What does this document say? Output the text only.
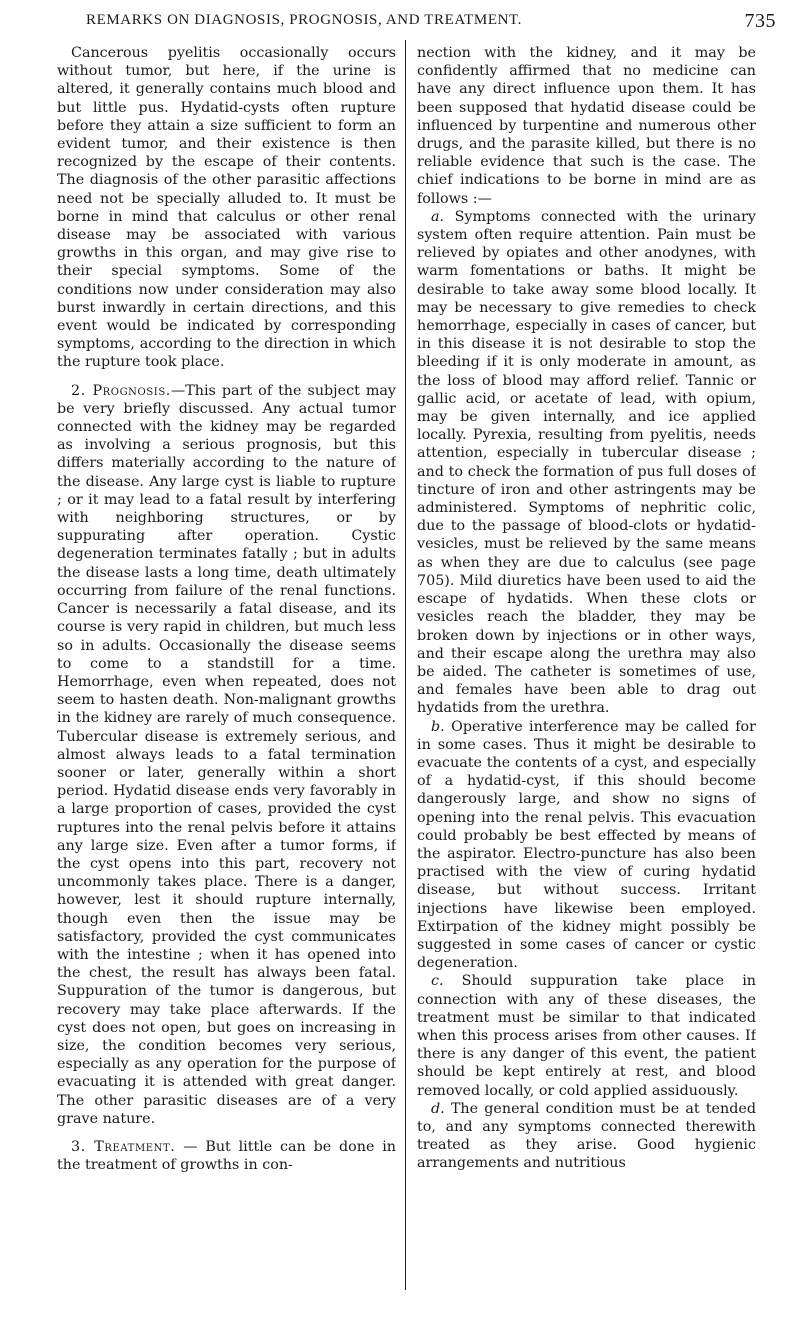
REMARKS ON DIAGNOSIS, PROGNOSIS, AND TREATMENT.	735

Cancerous pyelitis occasionally occurs without tumor, but here, if the urine is altered, it generally contains much blood and but little pus. Hydatid-cysts often rupture before they attain a size sufficient to form an evident tumor, and their existence is then recognized by the escape of their contents. The diagnosis of the other parasitic affections need not be specially alluded to. It must be borne in mind that calculus or other renal disease may be associated with various growths in this organ, and may give rise to their special symptoms. Some of the conditions now under consideration may also burst inwardly in certain directions, and this event would be indicated by corresponding symptoms, according to the direction in which the rupture took place.

2. Prognosis.—This part of the subject may be very briefly discussed. Any actual tumor connected with the kidney may be regarded as involving a serious prognosis, but this differs materially according to the nature of the disease. Any large cyst is liable to rupture ; or it may lead to a fatal result by interfering with neighboring structures, or by suppurating after operation. Cystic degeneration terminates fatally ; but in adults the disease lasts a long time, death ultimately occurring from failure of the renal functions. Cancer is necessarily a fatal disease, and its course is very rapid in children, but much less so in adults. Occasionally the disease seems to come to a standstill for a time. Hemorrhage, even when repeated, does not seem to hasten death. Non-malignant growths in the kidney are rarely of much consequence. Tubercular disease is extremely serious, and almost always leads to a fatal termination sooner or later, generally within a short period. Hydatid disease ends very favorably in a large proportion of cases, provided the cyst ruptures into the renal pelvis before it attains any large size. Even after a tumor forms, if the cyst opens into this part, recovery not uncommonly takes place. There is a danger, however, lest it should rupture internally, though even then the issue may be satisfactory, provided the cyst communicates with the intestine ; when it has opened into the chest, the result has always been fatal. Suppuration of the tumor is dangerous, but recovery may take place afterwards. If the cyst does not open, but goes on increasing in size, the condition becomes very serious, especially as any operation for the purpose of evacuating it is attended with great danger. The other parasitic diseases are of a very grave nature.

3. Treatment. — But little can be done in the treatment of growths in con-

nection with the kidney, and it may be confidently affirmed that no medicine can have any direct influence upon them. It has been supposed that hydatid disease could be influenced by turpentine and numerous other drugs, and the parasite killed, but there is no reliable evidence that such is the case. The chief indications to be borne in mind are as follows :—

a. Symptoms connected with the urinary system often require attention. Pain must be relieved by opiates and other anodynes, with warm fomentations or baths. It might be desirable to take away some blood locally. It may be necessary to give remedies to check hemorrhage, especially in cases of cancer, but in this disease it is not desirable to stop the bleeding if it is only moderate in amount, as the loss of blood may afford relief. Tannic or gallic acid, or acetate of lead, with opium, may be given internally, and ice applied locally. Pyrexia, resulting from pyelitis, needs attention, especially in tubercular disease ; and to check the formation of pus full doses of tincture of iron and other astringents may be administered. Symptoms of nephritic colic, due to the passage of blood-clots or hydatid-vesicles, must be relieved by the same means as when they are due to calculus (see page 705). Mild diuretics have been used to aid the escape of hydatids. When these clots or vesicles reach the bladder, they may be broken down by injections or in other ways, and their escape along the urethra may also be aided. The catheter is sometimes of use, and females have been able to drag out hydatids from the urethra.

b. Operative interference may be called for in some cases. Thus it might be desirable to evacuate the contents of a cyst, and especially of a hydatid-cyst, if this should become dangerously large, and show no signs of opening into the renal pelvis. This evacuation could probably be best effected by means of the aspirator. Electro-puncture has also been practised with the view of curing hydatid disease, but without success. Irritant injections have likewise been employed. Extirpation of the kidney might possibly be suggested in some cases of cancer or cystic degeneration.

c. Should suppuration take place in connection with any of these diseases, the treatment must be similar to that indicated when this process arises from other causes. If there is any danger of this event, the patient should be kept entirely at rest, and blood removed locally, or cold applied assiduously.

d. The general condition must be at tended to, and any symptoms connected therewith treated as they arise. Good hygienic arrangements and nutritious
